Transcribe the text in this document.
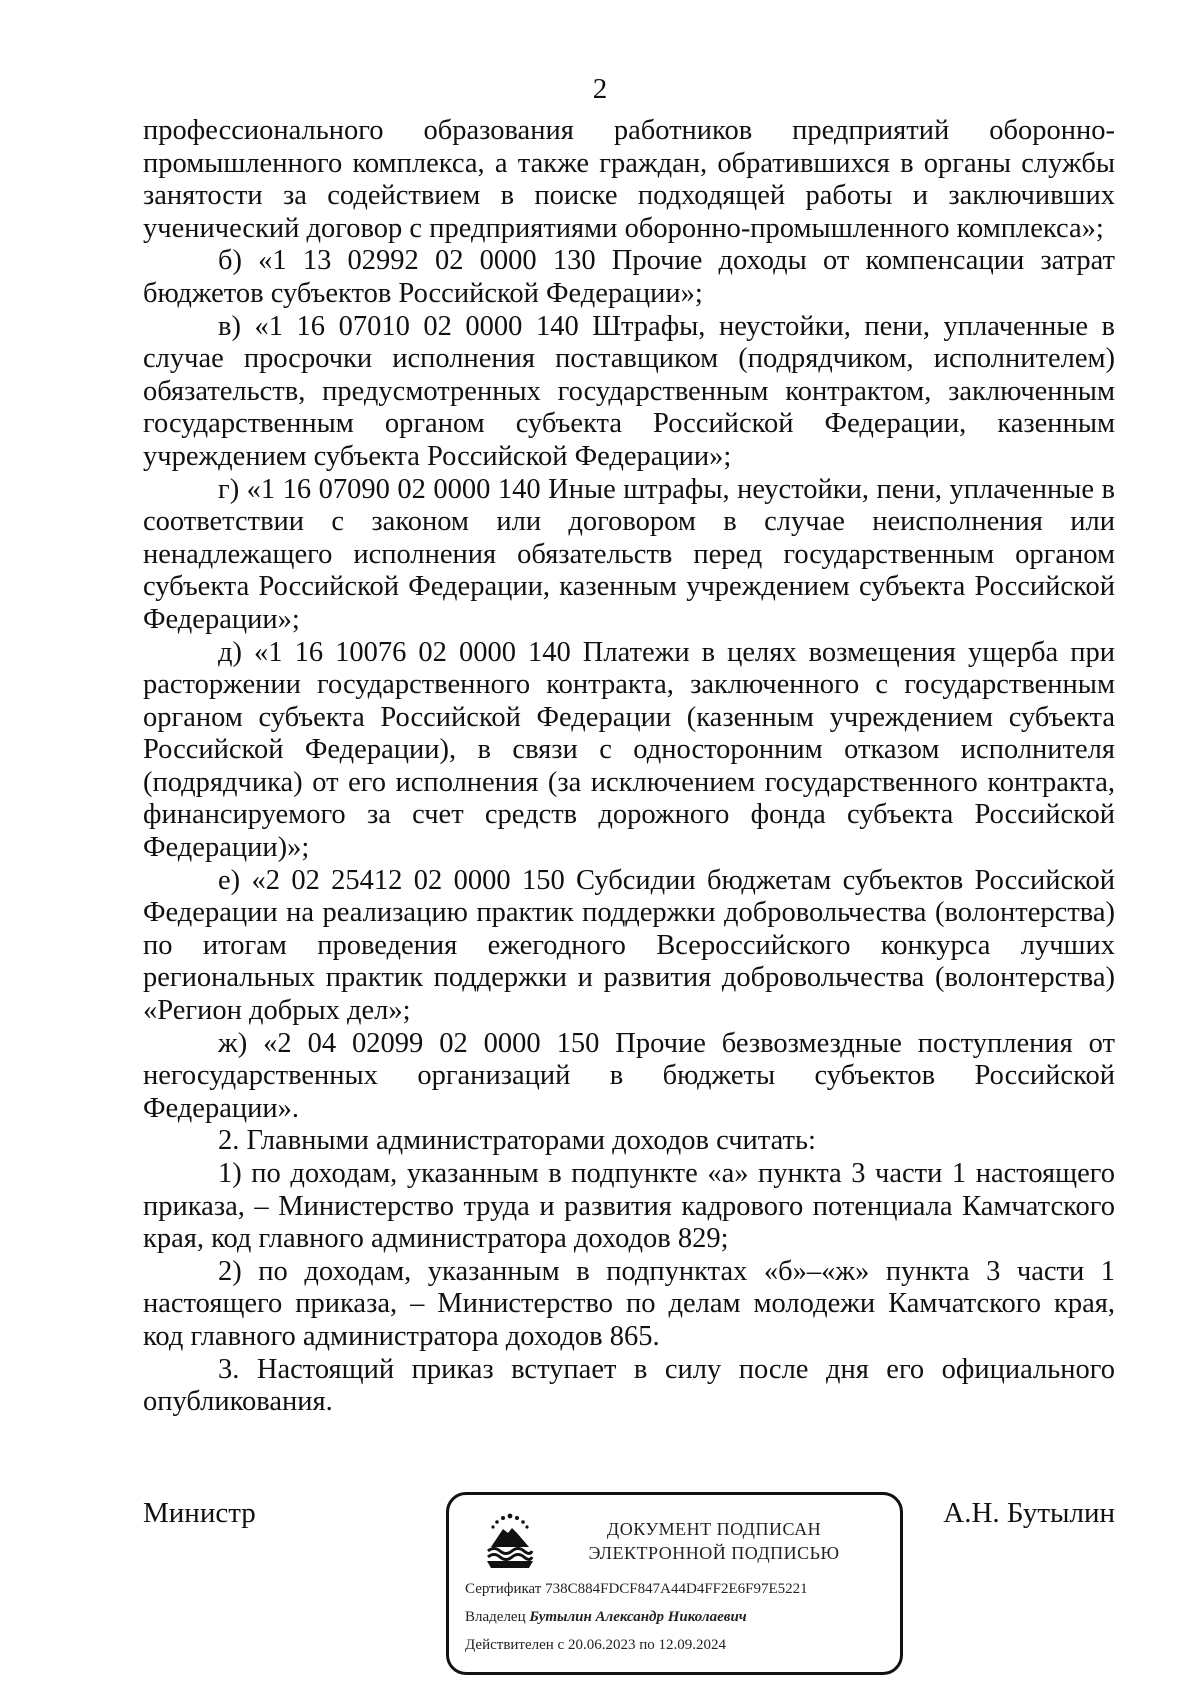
2

профессионального образования работников предприятий оборонно-промышленного комплекса, а также граждан, обратившихся в органы службы занятости за содействием в поиске подходящей работы и заключивших ученический договор с предприятиями оборонно-промышленного комплекса»;

б) «1 13 02992 02 0000 130 Прочие доходы от компенсации затрат бюджетов субъектов Российской Федерации»;

в) «1 16 07010 02 0000 140 Штрафы, неустойки, пени, уплаченные в случае просрочки исполнения поставщиком (подрядчиком, исполнителем) обязательств, предусмотренных государственным контрактом, заключенным государственным органом субъекта Российской Федерации, казенным учреждением субъекта Российской Федерации»;

г) «1 16 07090 02 0000 140 Иные штрафы, неустойки, пени, уплаченные в соответствии с законом или договором в случае неисполнения или ненадлежащего исполнения обязательств перед государственным органом субъекта Российской Федерации, казенным учреждением субъекта Российской Федерации»;

д) «1 16 10076 02 0000 140 Платежи в целях возмещения ущерба при расторжении государственного контракта, заключенного с государственным органом субъекта Российской Федерации (казенным учреждением субъекта Российской Федерации), в связи с односторонним отказом исполнителя (подрядчика) от его исполнения (за исключением государственного контракта, финансируемого за счет средств дорожного фонда субъекта Российской Федерации)»;

е) «2 02 25412 02 0000 150 Субсидии бюджетам субъектов Российской Федерации на реализацию практик поддержки добровольчества (волонтерства) по итогам проведения ежегодного Всероссийского конкурса лучших региональных практик поддержки и развития добровольчества (волонтерства) «Регион добрых дел»;

ж) «2 04 02099 02 0000 150 Прочие безвозмездные поступления от негосударственных организаций в бюджеты субъектов Российской Федерации».

2. Главными администраторами доходов считать:

1) по доходам, указанным в подпункте «а» пункта 3 части 1 настоящего приказа, – Министерство труда и развития кадрового потенциала Камчатского края, код главного администратора доходов 829;

2) по доходам, указанным в подпунктах «б»–«ж» пункта 3 части 1 настоящего приказа, – Министерство по делам молодежи Камчатского края, код главного администратора доходов 865.

3. Настоящий приказ вступает в силу после дня его официального опубликования.

Министр	ДОКУМЕНТ ПОДПИСАН
ЭЛЕКТРОННОЙ ПОДПИСЬЮ
Сертификат 738C884FDCF847A44D4FF2E6F97E5221
Владелец Бутылин Александр Николаевич
Действителен с 20.06.2023 по 12.09.2024
А.Н. Бутылин
